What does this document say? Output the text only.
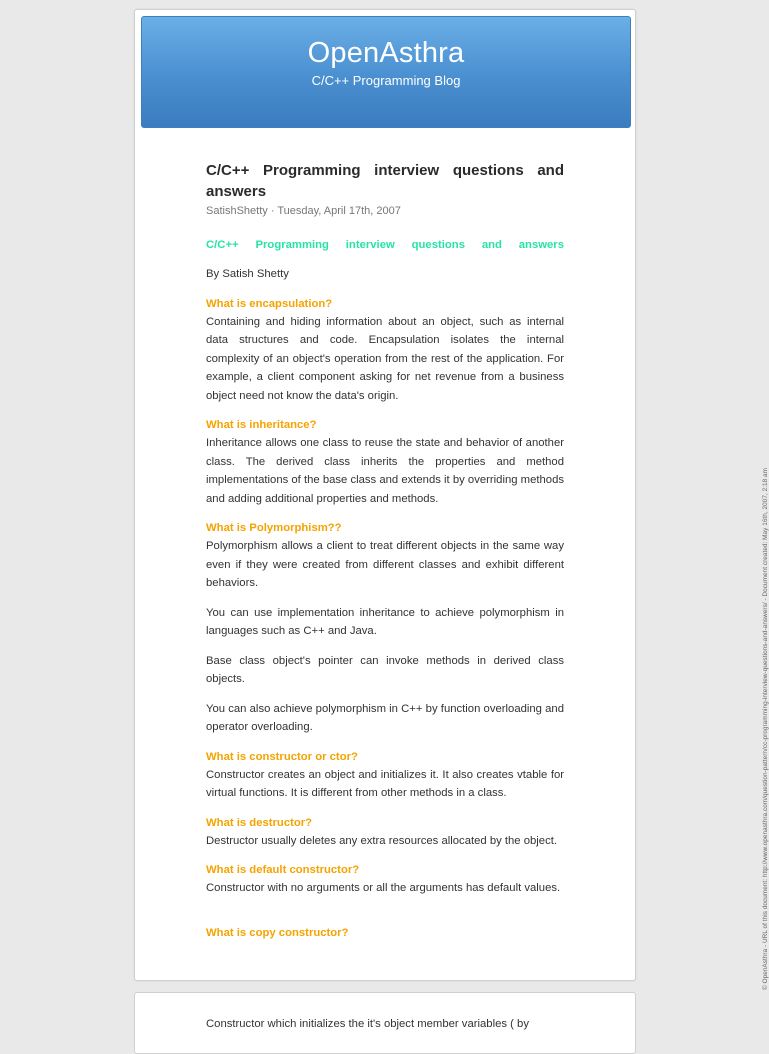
OpenAsthra
C/C++ Programming Blog
C/C++ Programming interview questions and answers
SatishShetty · Tuesday, April 17th, 2007
C/C++ Programming interview questions and answers
By Satish Shetty
What is encapsulation?

Containing and hiding information about an object, such as internal data structures and code. Encapsulation isolates the internal complexity of an object's operation from the rest of the application. For example, a client component asking for net revenue from a business object need not know the data's origin.

What is inheritance?

Inheritance allows one class to reuse the state and behavior of another class. The derived class inherits the properties and method implementations of the base class and extends it by overriding methods and adding additional properties and methods.

What is Polymorphism??

Polymorphism allows a client to treat different objects in the same way even if they were created from different classes and exhibit different behaviors.

You can use implementation inheritance to achieve polymorphism in languages such as C++ and Java.

Base class object's pointer can invoke methods in derived class objects.

You can also achieve polymorphism in C++ by function overloading and operator overloading.

What is constructor or ctor?

Constructor creates an object and initializes it. It also creates vtable for virtual functions. It is different from other methods in a class.

What is destructor?

Destructor usually deletes any extra resources allocated by the object.

What is default constructor?

Constructor with no arguments or all the arguments has default values.

What is copy constructor?
Constructor which initializes the it's object member variables ( by
© OpenAsthra - URL of this document: http://www.openasthra.com/question-pattern/cc-programming-interview-questions-and-answers/ - Document created: May 16th, 2007, 2:18 am
